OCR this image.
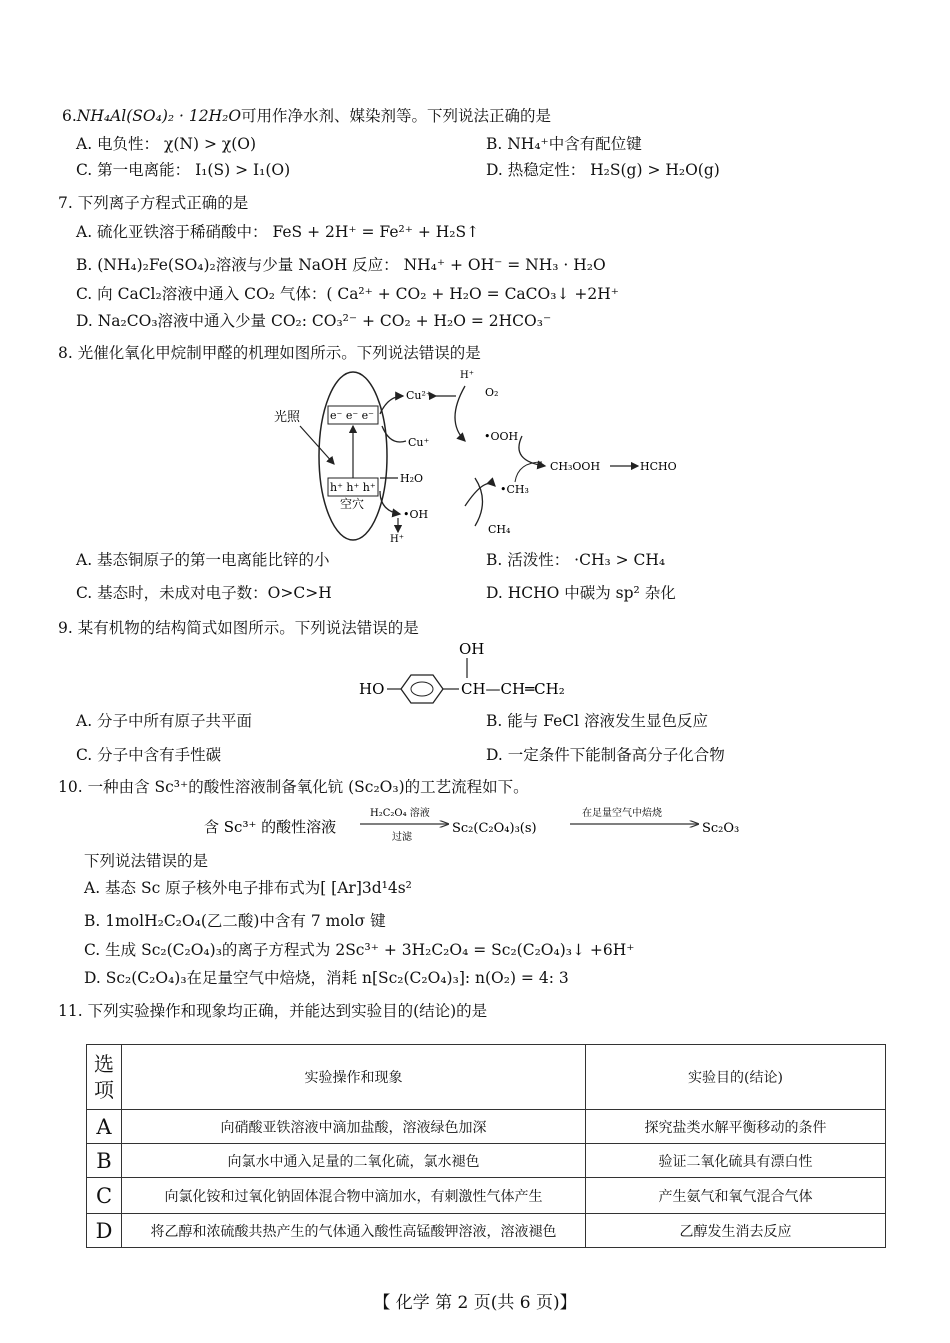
6.NH₄Al(SO₄)₂ · 12H₂O可用作净水剂、媒染剂等。下列说法正确的是
A. 电负性： χ(N) > χ(O)	B. NH₄⁺中含有配位键
C. 第一电离能： I₁(S) > I₁(O)	D. 热稳定性： H₂S(g) > H₂O(g)
7. 下列离子方程式正确的是
A. 硫化亚铁溶于稀硝酸中： FeS + 2H⁺ = Fe²⁺ + H₂S↑
B. (NH₄)₂Fe(SO₄)₂溶液与少量 NaOH 反应： NH₄⁺ + OH⁻ = NH₃ · H₂O
C. 向 CaCl₂溶液中通入 CO₂ 气体：( Ca²⁺ + CO₂ + H₂O = CaCO₃↓ +2H⁺
D. Na₂CO₃溶液中通入少量 CO₂: CO₃²⁻ + CO₂ + H₂O = 2HCO₃⁻
8. 光催化氧化甲烷制甲醛的机理如图所示。下列说法错误的是
e⁻ e⁻ e⁻
h⁺ h⁺ h⁺
空穴
光照
Cu²⁺
Cu⁺
H⁺
O₂
•OOH
CH₃OOH	HCHO
H₂O
•OH
H⁺
•CH₃
CH₄
A. 基态铜原子的第一电离能比锌的小	B. 活泼性： ·CH₃ > CH₄
C. 基态时，未成对电子数：O>C>H	D. HCHO 中碳为 sp² 杂化
9. 某有机物的结构简式如图所示。下列说法错误的是
HO	CH—CH═CH₂
OH
A. 分子中所有原子共平面	B. 能与 FeCl 溶液发生显色反应
C. 分子中含有手性碳	D. 一定条件下能制备高分子化合物
10. 一种由含 Sc³⁺的酸性溶液制备氧化钪 (Sc₂O₃)的工艺流程如下。
含 Sc³⁺ 的酸性溶液
H₂C₂O₄ 溶液
过滤
Sc₂(C₂O₄)₃(s)
在足量空气中焙烧
Sc₂O₃
下列说法错误的是
A. 基态 Sc 原子核外电子排布式为[ [Ar]3d¹4s²
B. 1molH₂C₂O₄(乙二酸)中含有 7 molσ 键
C. 生成 Sc₂(C₂O₄)₃的离子方程式为 2Sc³⁺ + 3H₂C₂O₄ = Sc₂(C₂O₄)₃↓ +6H⁺
D. Sc₂(C₂O₄)₃在足量空气中焙烧，消耗 n[Sc₂(C₂O₄)₃]: n(O₂) = 4: 3
11. 下列实验操作和现象均正确，并能达到实验目的(结论)的是
选项	实验操作和现象	实验目的(结论)
A	向硝酸亚铁溶液中滴加盐酸，溶液绿色加深	探究盐类水解平衡移动的条件
B	向氯水中通入足量的二氧化硫，氯水褪色	验证二氧化硫具有漂白性
C	向氯化铵和过氧化钠固体混合物中滴加水，有刺激性气体产生	产生氨气和氧气混合气体
D	将乙醇和浓硫酸共热产生的气体通入酸性高锰酸钾溶液，溶液褪色	乙醇发生消去反应
【 化学 第 2 页(共 6 页)】
